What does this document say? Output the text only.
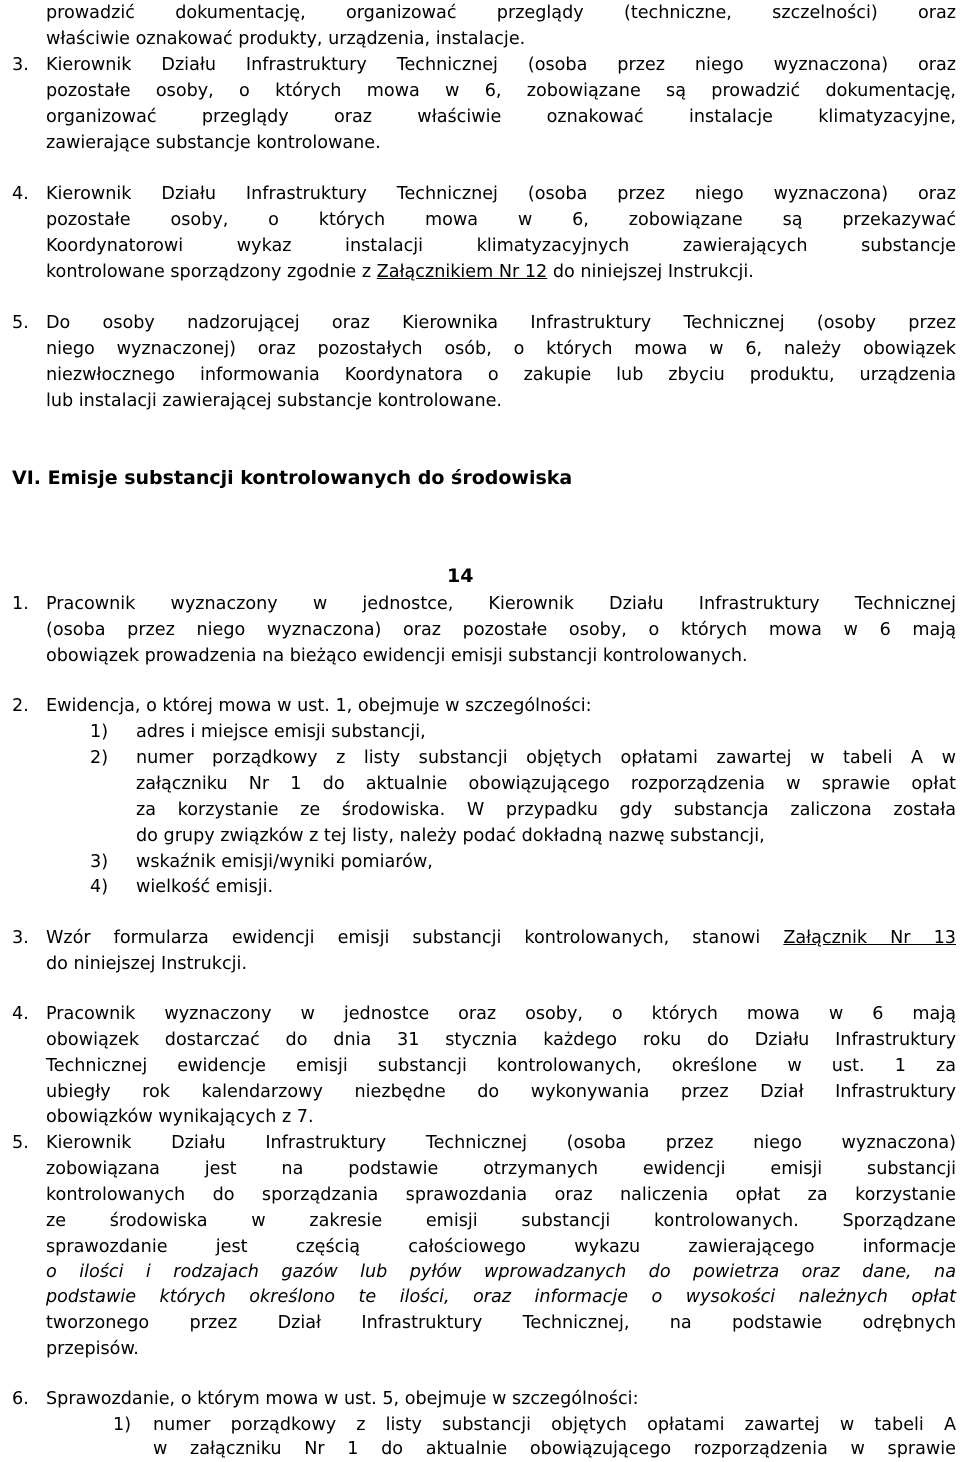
prowadzić dokumentację, organizować przeglądy (techniczne, szczelności) oraz
właściwie oznakować produkty, urządzenia, instalacje.
3. Kierownik Działu Infrastruktury Technicznej (osoba przez niego wyznaczona) oraz
pozostałe osoby, o których mowa w 6, zobowiązane są prowadzić dokumentację,
organizować przeglądy oraz właściwie oznakować instalacje klimatyzacyjne,
zawierające substancje kontrolowane.
4. Kierownik Działu Infrastruktury Technicznej (osoba przez niego wyznaczona) oraz
pozostałe osoby, o których mowa w 6, zobowiązane są przekazywać
Koordynatorowi wykaz instalacji klimatyzacyjnych zawierających substancje
kontrolowane sporządzony zgodnie z Załącznikiem Nr 12 do niniejszej Instrukcji.
5. Do osoby nadzorującej oraz Kierownika Infrastruktury Technicznej (osoby przez
niego wyznaczonej) oraz pozostałych osób, o których mowa w 6, należy obowiązek
niezwłocznego informowania Koordynatora o zakupie lub zbyciu produktu, urządzenia
lub instalacji zawierającej substancje kontrolowane.
VI. Emisje substancji kontrolowanych do środowiska
14
1. Pracownik wyznaczony w jednostce, Kierownik Działu Infrastruktury Technicznej
(osoba przez niego wyznaczona) oraz pozostałe osoby, o których mowa w 6 mają
obowiązek prowadzenia na bieżąco ewidencji emisji substancji kontrolowanych.
2. Ewidencja, o której mowa w ust. 1, obejmuje w szczególności:
1) adres i miejsce emisji substancji,
2) numer porządkowy z listy substancji objętych opłatami zawartej w tabeli A w
załączniku Nr 1 do aktualnie obowiązującego rozporządzenia w sprawie opłat
za korzystanie ze środowiska. W przypadku gdy substancja zaliczona została
do grupy związków z tej listy, należy podać dokładną nazwę substancji,
3) wskaźnik emisji/wyniki pomiarów,
4) wielkość emisji.
3. Wzór formularza ewidencji emisji substancji kontrolowanych, stanowi Załącznik Nr 13
do niniejszej Instrukcji.
4. Pracownik wyznaczony w jednostce oraz osoby, o których mowa w 6 mają
obowiązek dostarczać do dnia 31 stycznia każdego roku do Działu Infrastruktury
Technicznej ewidencje emisji substancji kontrolowanych, określone w ust. 1 za
ubiegły rok kalendarzowy niezbędne do wykonywania przez Dział Infrastruktury
obowiązków wynikających z 7.
5. Kierownik Działu Infrastruktury Technicznej (osoba przez niego wyznaczona)
zobowiązana jest na podstawie otrzymanych ewidencji emisji substancji
kontrolowanych do sporządzania sprawozdania oraz naliczenia opłat za korzystanie
ze środowiska w zakresie emisji substancji kontrolowanych. Sporządzane
sprawozdanie jest częścią całościowego wykazu zawierającego informacje
o ilości i rodzajach gazów lub pyłów wprowadzanych do powietrza oraz dane, na
podstawie których określono te ilości, oraz informacje o wysokości należnych opłat
tworzonego przez Dział Infrastruktury Technicznej, na podstawie odrębnych
przepisów.
6. Sprawozdanie, o którym mowa w ust. 5, obejmuje w szczególności:
1) numer porządkowy z listy substancji objętych opłatami zawartej w tabeli A
w załączniku Nr 1 do aktualnie obowiązującego rozporządzenia w sprawie
